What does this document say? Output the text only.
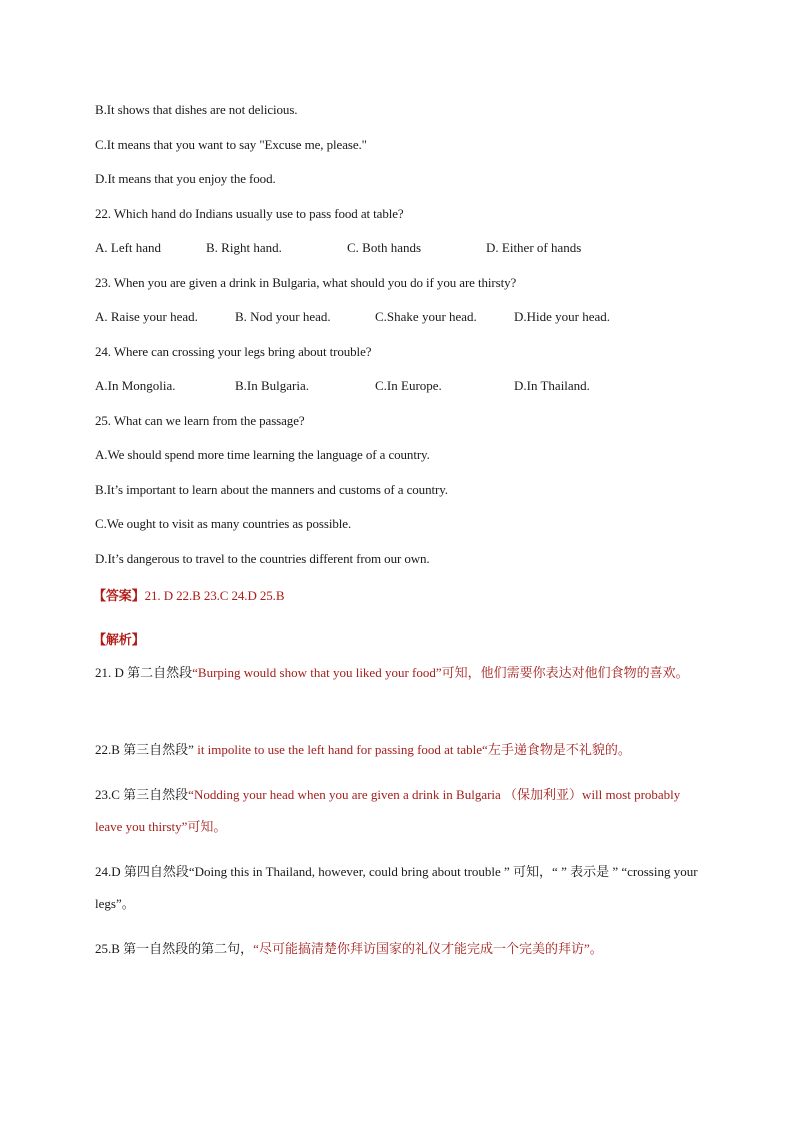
B.It shows that dishes are not delicious.
C.It means that you want to say "Excuse me, please."
D.It means that you enjoy the food.
22. Which hand do Indians usually use to pass food at table?
A. Left hand	B. Right hand.	C. Both hands	D. Either of hands
23. When you are given a drink in Bulgaria, what should you do if you are thirsty?
A. Raise your head.	B. Nod your head.	C.Shake your head.	D.Hide your head.
24. Where can crossing your legs bring about trouble?
A.In Mongolia.	B.In Bulgaria.	C.In Europe.	D.In Thailand.
25. What can we learn from the passage?
A.We should spend more time learning the language of a country.
B.It’s important to learn about the manners and customs of a country.
C.We ought to visit as many countries as possible.
D.It’s dangerous to travel to the countries different from our own.
【答案】21. D 22.B 23.C 24.D 25.B
【解析】
21. D 第二自然段“Burping would show that you liked your food”可知，他们需要你表达对他们食物的喜欢。
22.B 第三自然段” it impolite to use the left hand for passing food at table“左手递食物是不礼貌的。
23.C 第三自然段“Nodding your head when you are given a drink in Bulgaria （保加利亚）will most probably leave you thirsty”可知。
24.D 第四自然段“Doing this in Thailand, however, could bring about trouble ” 可知，“ ” 表示是 ” “crossing your legs”。
25.B 第一自然段的第二句，“尽可能搞清楚你拜访国家的礼仪才能完成一个完美的拜访”。
